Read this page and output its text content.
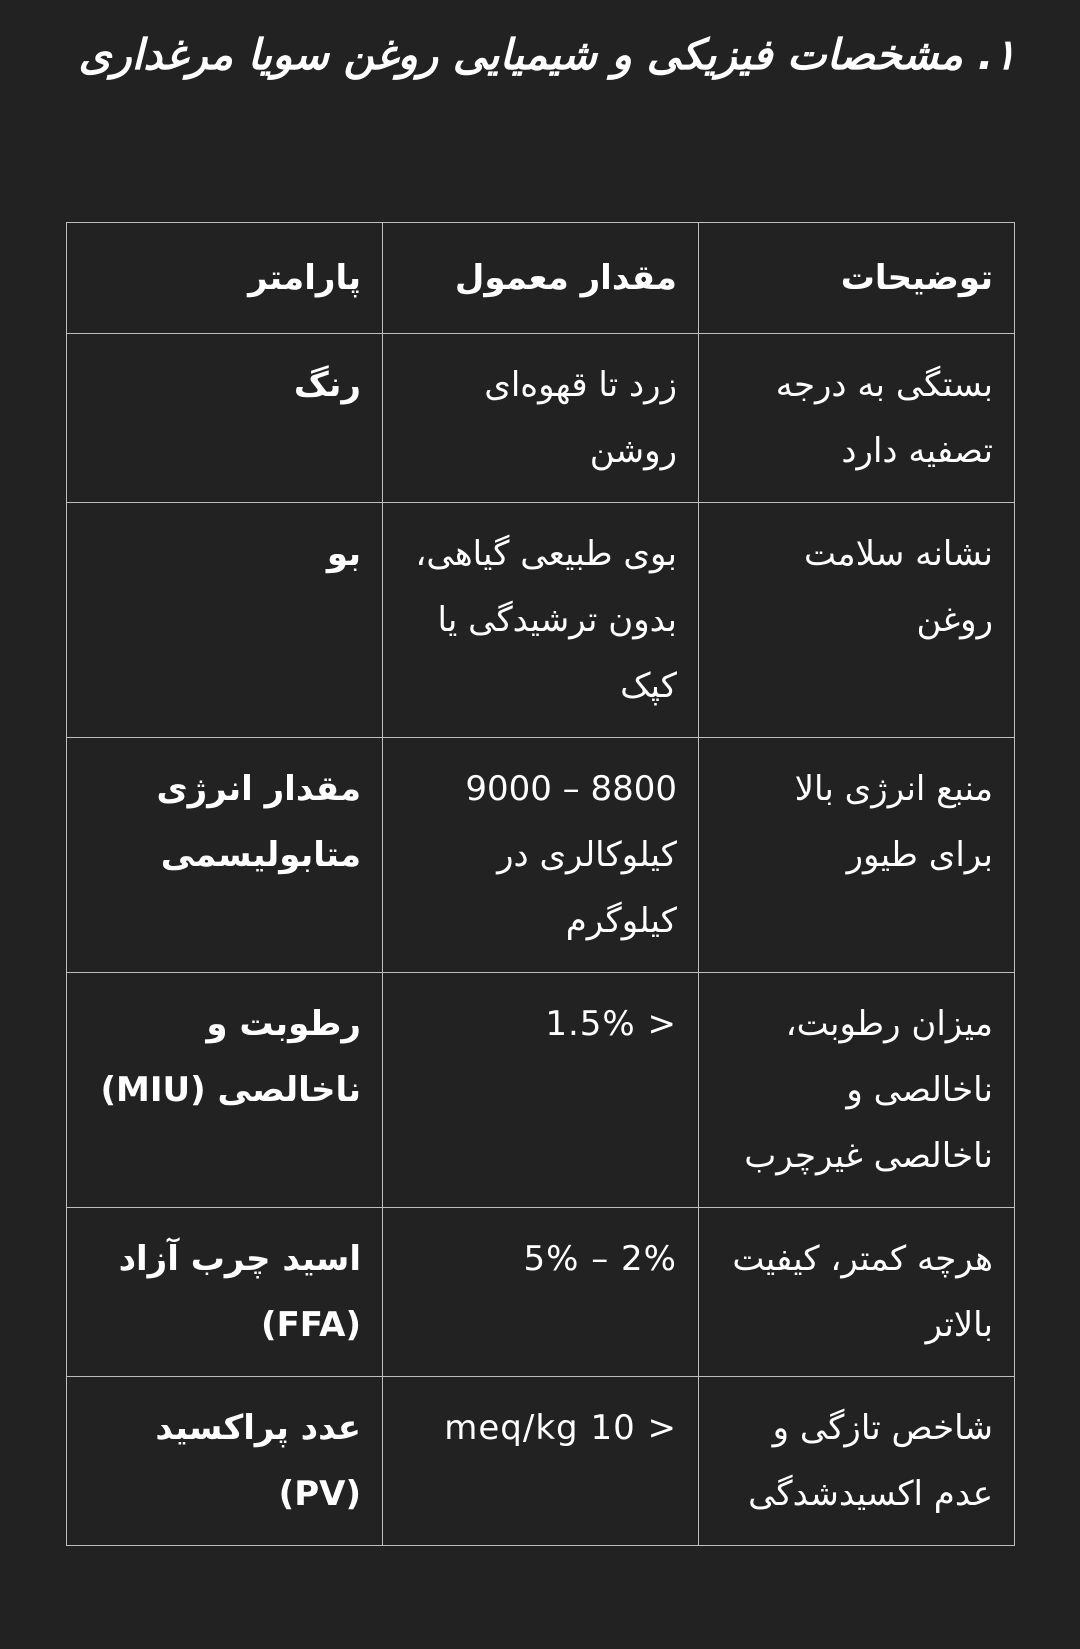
۱. مشخصات فیزیکی و شیمیایی روغن سویا مرغداری
توضیحات	مقدار معمول	پارامتر
بستگی به درجه تصفیه دارد	زرد تا قهوه‌ای روشن	رنگ
نشانه سلامت روغن	بوی طبیعی گیاهی، بدون ترشیدگی یا کپک	بو
منبع انرژی بالا برای طیور	8800 – 9000 کیلوکالری در کیلوگرم	مقدار انرژی متابولیسمی
میزان رطوبت، ناخالصی و ناخالصی غیرچرب	< 1.5%	رطوبت و ناخالصی (MIU)
هرچه کمتر، کیفیت بالاتر	2% – 5%	اسید چرب آزاد (FFA)
شاخص تازگی و عدم اکسیدشدگی	< 10 meq/kg	عدد پراکسید (PV)
